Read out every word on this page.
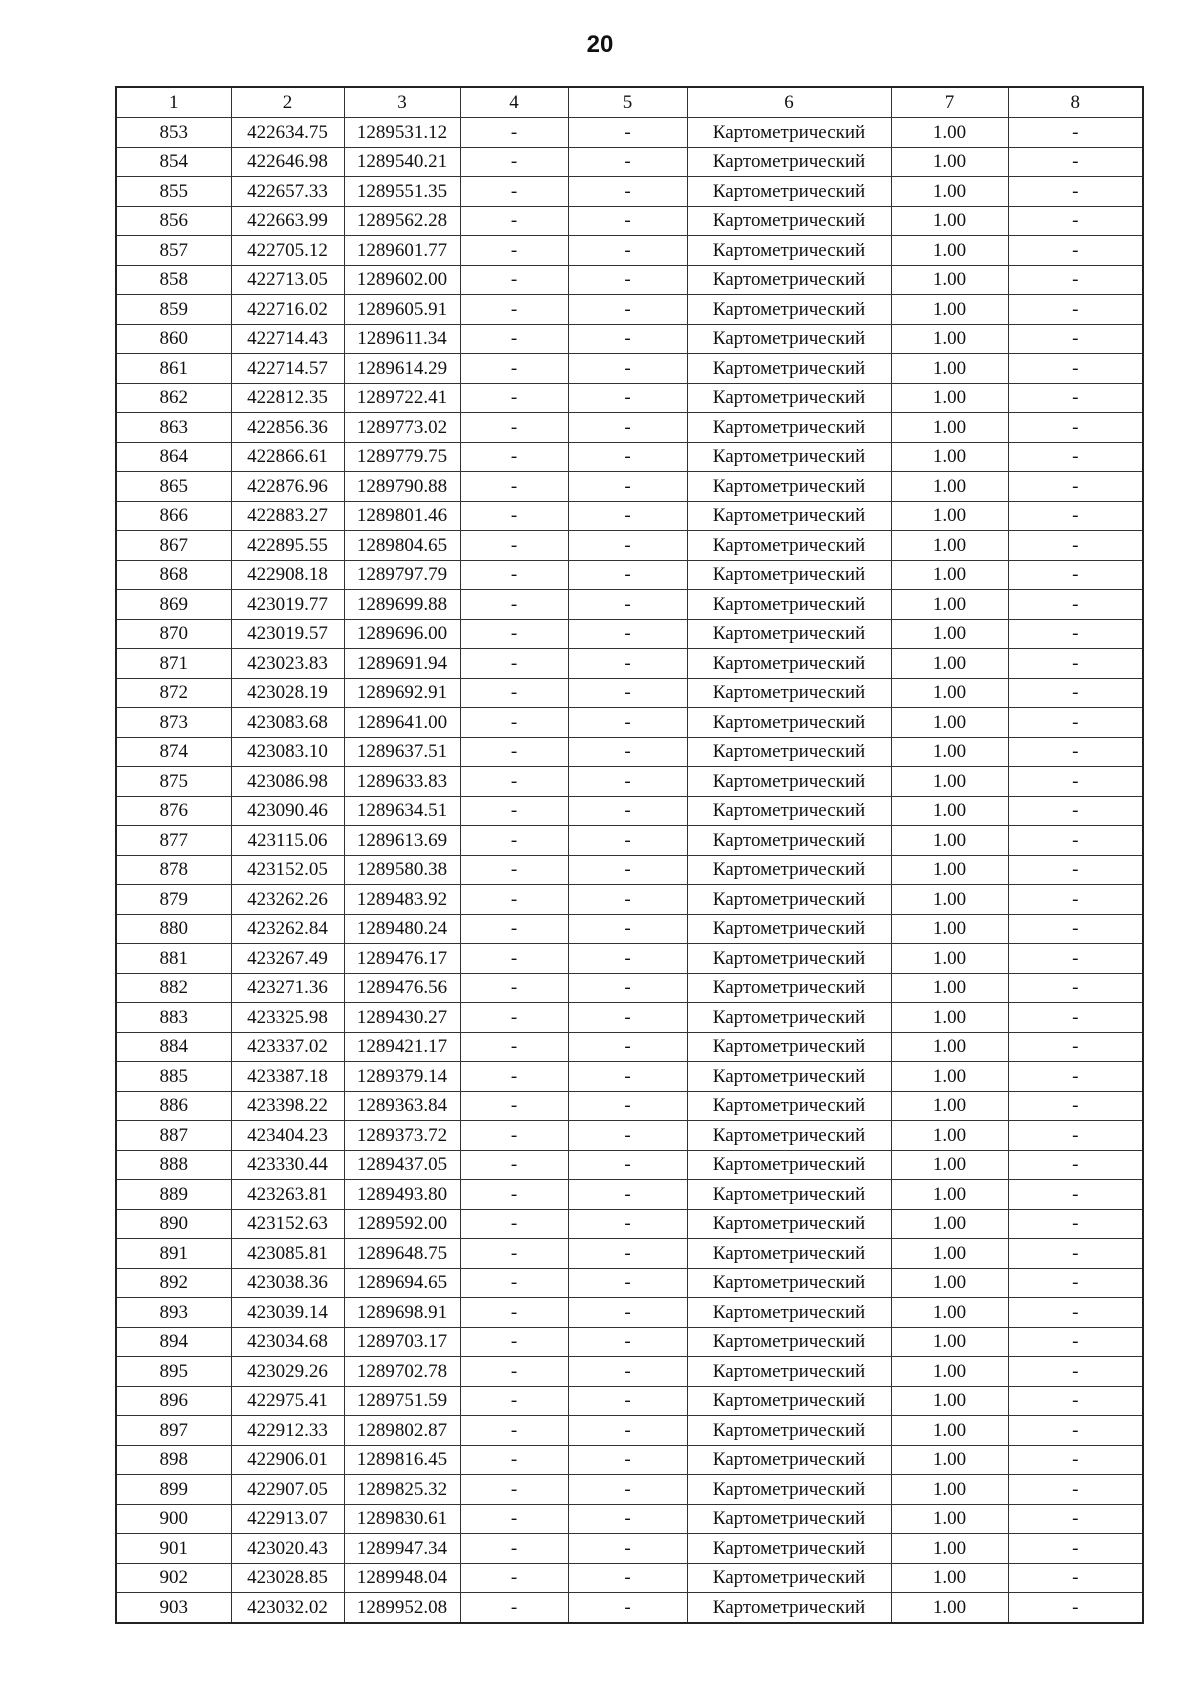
20
1	2	3	4	5	6	7	8
853	422634.75	1289531.12	-	-	Картометрический	1.00	-
854	422646.98	1289540.21	-	-	Картометрический	1.00	-
855	422657.33	1289551.35	-	-	Картометрический	1.00	-
856	422663.99	1289562.28	-	-	Картометрический	1.00	-
857	422705.12	1289601.77	-	-	Картометрический	1.00	-
858	422713.05	1289602.00	-	-	Картометрический	1.00	-
859	422716.02	1289605.91	-	-	Картометрический	1.00	-
860	422714.43	1289611.34	-	-	Картометрический	1.00	-
861	422714.57	1289614.29	-	-	Картометрический	1.00	-
862	422812.35	1289722.41	-	-	Картометрический	1.00	-
863	422856.36	1289773.02	-	-	Картометрический	1.00	-
864	422866.61	1289779.75	-	-	Картометрический	1.00	-
865	422876.96	1289790.88	-	-	Картометрический	1.00	-
866	422883.27	1289801.46	-	-	Картометрический	1.00	-
867	422895.55	1289804.65	-	-	Картометрический	1.00	-
868	422908.18	1289797.79	-	-	Картометрический	1.00	-
869	423019.77	1289699.88	-	-	Картометрический	1.00	-
870	423019.57	1289696.00	-	-	Картометрический	1.00	-
871	423023.83	1289691.94	-	-	Картометрический	1.00	-
872	423028.19	1289692.91	-	-	Картометрический	1.00	-
873	423083.68	1289641.00	-	-	Картометрический	1.00	-
874	423083.10	1289637.51	-	-	Картометрический	1.00	-
875	423086.98	1289633.83	-	-	Картометрический	1.00	-
876	423090.46	1289634.51	-	-	Картометрический	1.00	-
877	423115.06	1289613.69	-	-	Картометрический	1.00	-
878	423152.05	1289580.38	-	-	Картометрический	1.00	-
879	423262.26	1289483.92	-	-	Картометрический	1.00	-
880	423262.84	1289480.24	-	-	Картометрический	1.00	-
881	423267.49	1289476.17	-	-	Картометрический	1.00	-
882	423271.36	1289476.56	-	-	Картометрический	1.00	-
883	423325.98	1289430.27	-	-	Картометрический	1.00	-
884	423337.02	1289421.17	-	-	Картометрический	1.00	-
885	423387.18	1289379.14	-	-	Картометрический	1.00	-
886	423398.22	1289363.84	-	-	Картометрический	1.00	-
887	423404.23	1289373.72	-	-	Картометрический	1.00	-
888	423330.44	1289437.05	-	-	Картометрический	1.00	-
889	423263.81	1289493.80	-	-	Картометрический	1.00	-
890	423152.63	1289592.00	-	-	Картометрический	1.00	-
891	423085.81	1289648.75	-	-	Картометрический	1.00	-
892	423038.36	1289694.65	-	-	Картометрический	1.00	-
893	423039.14	1289698.91	-	-	Картометрический	1.00	-
894	423034.68	1289703.17	-	-	Картометрический	1.00	-
895	423029.26	1289702.78	-	-	Картометрический	1.00	-
896	422975.41	1289751.59	-	-	Картометрический	1.00	-
897	422912.33	1289802.87	-	-	Картометрический	1.00	-
898	422906.01	1289816.45	-	-	Картометрический	1.00	-
899	422907.05	1289825.32	-	-	Картометрический	1.00	-
900	422913.07	1289830.61	-	-	Картометрический	1.00	-
901	423020.43	1289947.34	-	-	Картометрический	1.00	-
902	423028.85	1289948.04	-	-	Картометрический	1.00	-
903	423032.02	1289952.08	-	-	Картометрический	1.00	-
